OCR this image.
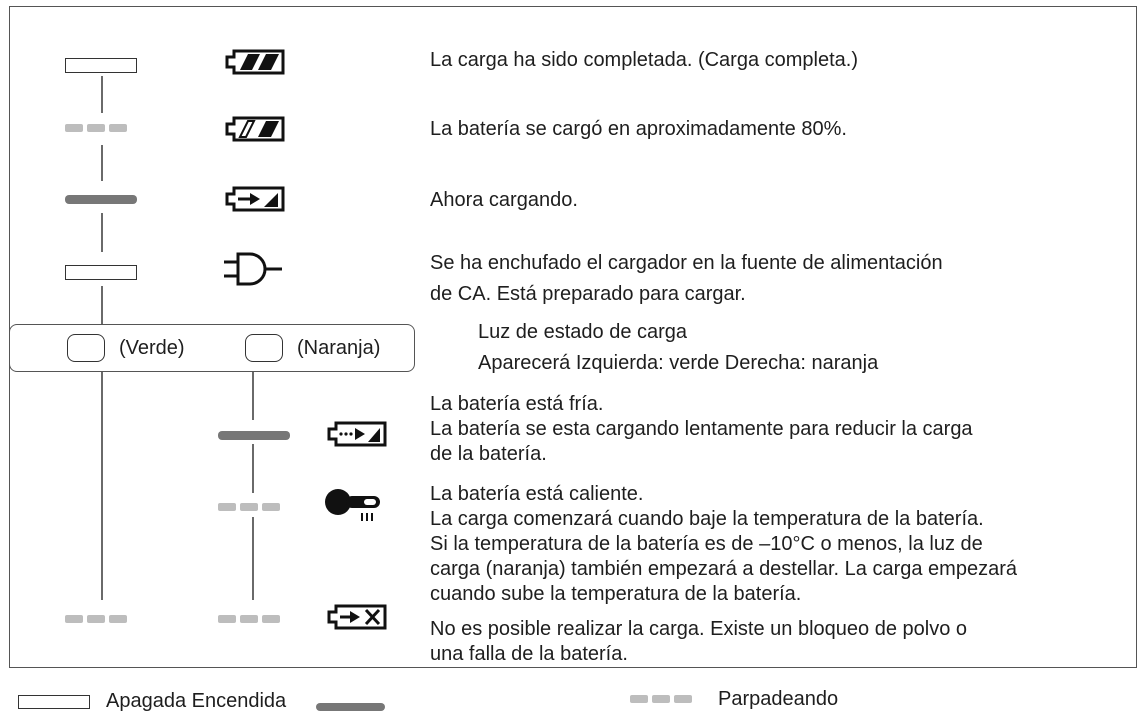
La carga ha sido completada. (Carga completa.)
La batería se cargó en aproximadamente 80%.
Ahora cargando.
Se ha enchufado el cargador en la fuente de alimentación
de CA. Está preparado para cargar.
(Verde)	(Naranja)
Luz de estado de carga
Aparecerá Izquierda: verde Derecha: naranja
La batería está fría.
La batería se esta cargando lentamente para reducir la carga
de la batería.
La batería está caliente.
La carga comenzará cuando baje la temperatura de la batería.
Si la temperatura de la batería es de –10°C o menos, la luz de
carga (naranja) también empezará a destellar. La carga empezará
cuando sube la temperatura de la batería.
No es posible realizar la carga. Existe un bloqueo de polvo o
una falla de la batería.
Apagada Encendida	Parpadeando
